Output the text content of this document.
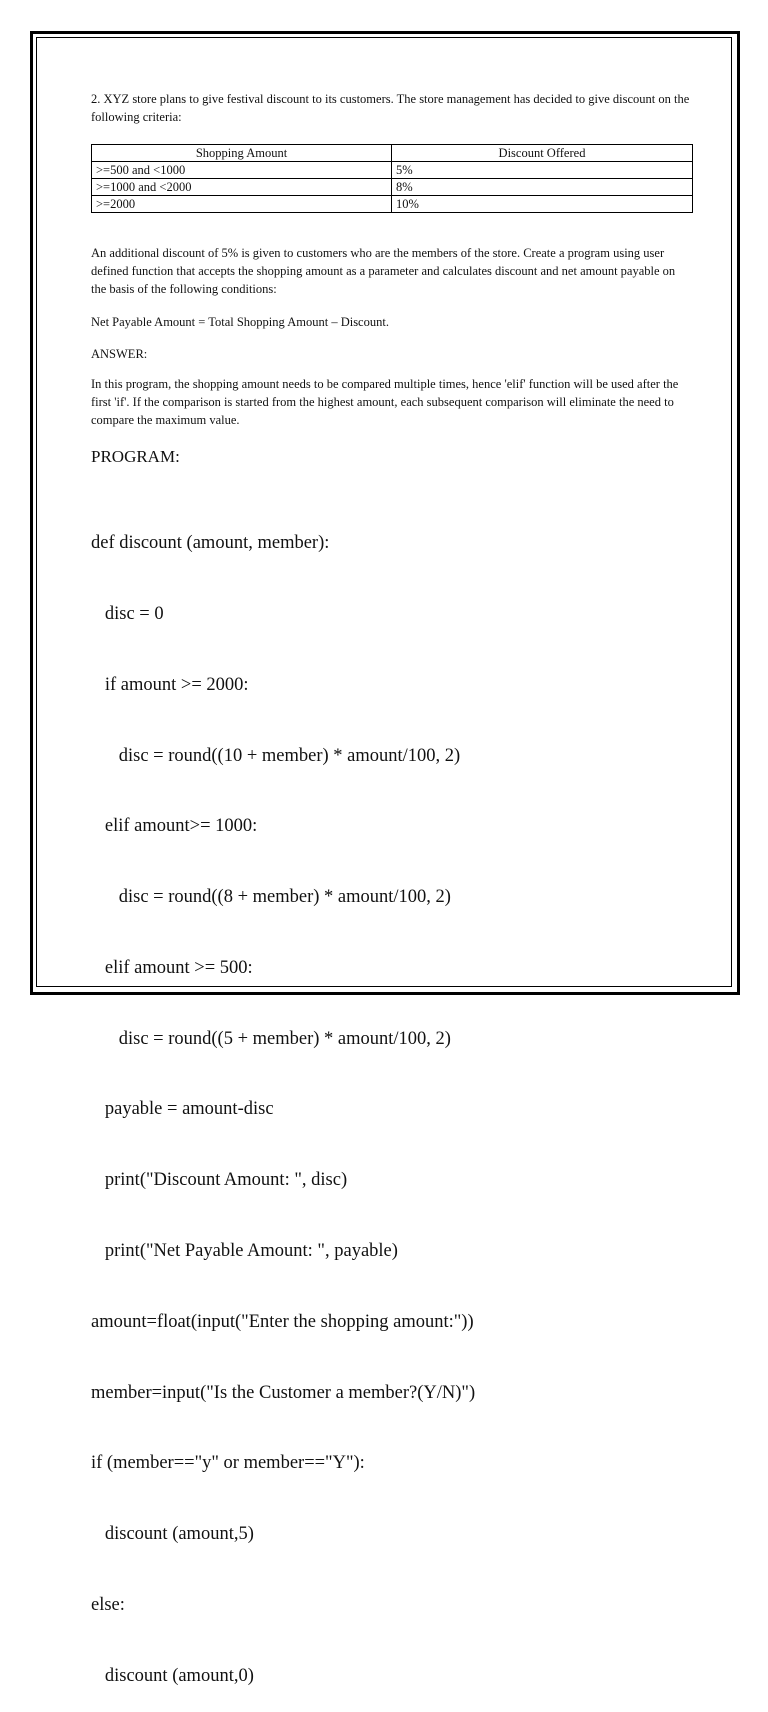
2. XYZ store plans to give festival discount to its customers. The store management has decided to give discount on the following criteria:

Shopping Amount	Discount Offered
>=500 and <1000	5%
>=1000 and <2000	8%
>=2000	10%

An additional discount of 5% is given to customers who are the members of the store. Create a program using user defined function that accepts the shopping amount as a parameter and calculates discount and net amount payable on the basis of the following conditions:

Net Payable Amount = Total Shopping Amount – Discount.

ANSWER:

In this program, the shopping amount needs to be compared multiple times, hence 'elif' function will be used after the first 'if'. If the comparison is started from the highest amount, each subsequent comparison will eliminate the need to compare the maximum value.

PROGRAM:

def discount (amount, member):

disc = 0

if amount >= 2000:

disc = round((10 + member) * amount/100, 2)

elif amount>= 1000:

disc = round((8 + member) * amount/100, 2)

elif amount >= 500:

disc = round((5 + member) * amount/100, 2)

payable = amount-disc

print("Discount Amount: ", disc)

print("Net Payable Amount: ", payable)

amount=float(input("Enter the shopping amount:"))

member=input("Is the Customer a member?(Y/N)")

if (member=="y" or member=="Y"):

discount (amount,5)

else:

discount (amount,0)
